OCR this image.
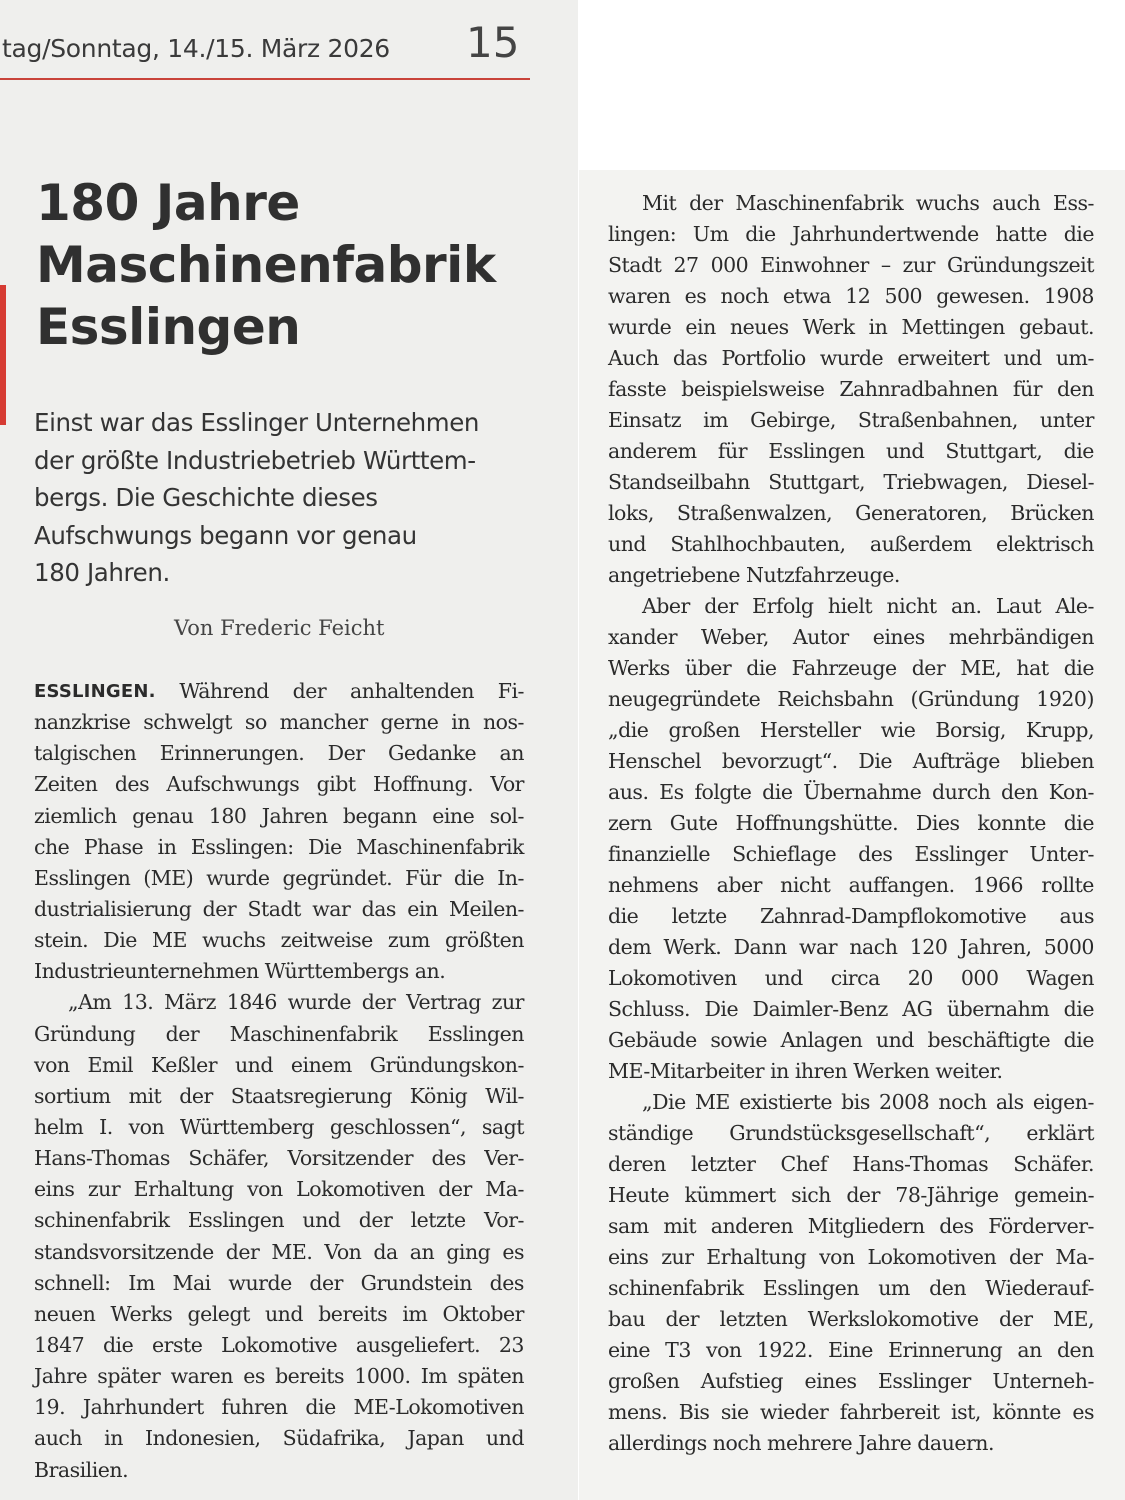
tag/Sonntag, 14./15. März 2026 15
180 Jahre
Maschinenfabrik
Esslingen
Einst war das Esslinger Unternehmen
der größte Industriebetrieb Württem-
bergs. Die Geschichte dieses
Aufschwungs begann vor genau
180 Jahren.
Von Frederic Feicht
ESSLINGEN. Während der anhaltenden Fi-
nanzkrise schwelgt so mancher gerne in nos-
talgischen Erinnerungen. Der Gedanke an
Zeiten des Aufschwungs gibt Hoffnung. Vor
ziemlich genau 180 Jahren begann eine sol-
che Phase in Esslingen: Die Maschinenfabrik
Esslingen (ME) wurde gegründet. Für die In-
dustrialisierung der Stadt war das ein Meilen-
stein. Die ME wuchs zeitweise zum größten
Industrieunternehmen Württembergs an.
„Am 13. März 1846 wurde der Vertrag zur
Gründung der Maschinenfabrik Esslingen
von Emil Keßler und einem Gründungskon-
sortium mit der Staatsregierung König Wil-
helm I. von Württemberg geschlossen“, sagt
Hans-Thomas Schäfer, Vorsitzender des Ver-
eins zur Erhaltung von Lokomotiven der Ma-
schinenfabrik Esslingen und der letzte Vor-
standsvorsitzende der ME. Von da an ging es
schnell: Im Mai wurde der Grundstein des
neuen Werks gelegt und bereits im Oktober
1847 die erste Lokomotive ausgeliefert. 23
Jahre später waren es bereits 1000. Im späten
19. Jahrhundert fuhren die ME-Lokomotiven
auch in Indonesien, Südafrika, Japan und
Brasilien.
Mit der Maschinenfabrik wuchs auch Ess-
lingen: Um die Jahrhundertwende hatte die
Stadt 27 000 Einwohner – zur Gründungszeit
waren es noch etwa 12 500 gewesen. 1908
wurde ein neues Werk in Mettingen gebaut.
Auch das Portfolio wurde erweitert und um-
fasste beispielsweise Zahnradbahnen für den
Einsatz im Gebirge, Straßenbahnen, unter
anderem für Esslingen und Stuttgart, die
Standseilbahn Stuttgart, Triebwagen, Diesel-
loks, Straßenwalzen, Generatoren, Brücken
und Stahlhochbauten, außerdem elektrisch
angetriebene Nutzfahrzeuge.
Aber der Erfolg hielt nicht an. Laut Ale-
xander Weber, Autor eines mehrbändigen
Werks über die Fahrzeuge der ME, hat die
neugegründete Reichsbahn (Gründung 1920)
„die großen Hersteller wie Borsig, Krupp,
Henschel bevorzugt“. Die Aufträge blieben
aus. Es folgte die Übernahme durch den Kon-
zern Gute Hoffnungshütte. Dies konnte die
finanzielle Schieflage des Esslinger Unter-
nehmens aber nicht auffangen. 1966 rollte
die letzte Zahnrad-Dampflokomotive aus
dem Werk. Dann war nach 120 Jahren, 5000
Lokomotiven und circa 20 000 Wagen
Schluss. Die Daimler-Benz AG übernahm die
Gebäude sowie Anlagen und beschäftigte die
ME-Mitarbeiter in ihren Werken weiter.
„Die ME existierte bis 2008 noch als eigen-
ständige Grundstücksgesellschaft“, erklärt
deren letzter Chef Hans-Thomas Schäfer.
Heute kümmert sich der 78-Jährige gemein-
sam mit anderen Mitgliedern des Förderver-
eins zur Erhaltung von Lokomotiven der Ma-
schinenfabrik Esslingen um den Wiederauf-
bau der letzten Werkslokomotive der ME,
eine T3 von 1922. Eine Erinnerung an den
großen Aufstieg eines Esslinger Unterneh-
mens. Bis sie wieder fahrbereit ist, könnte es
allerdings noch mehrere Jahre dauern.
